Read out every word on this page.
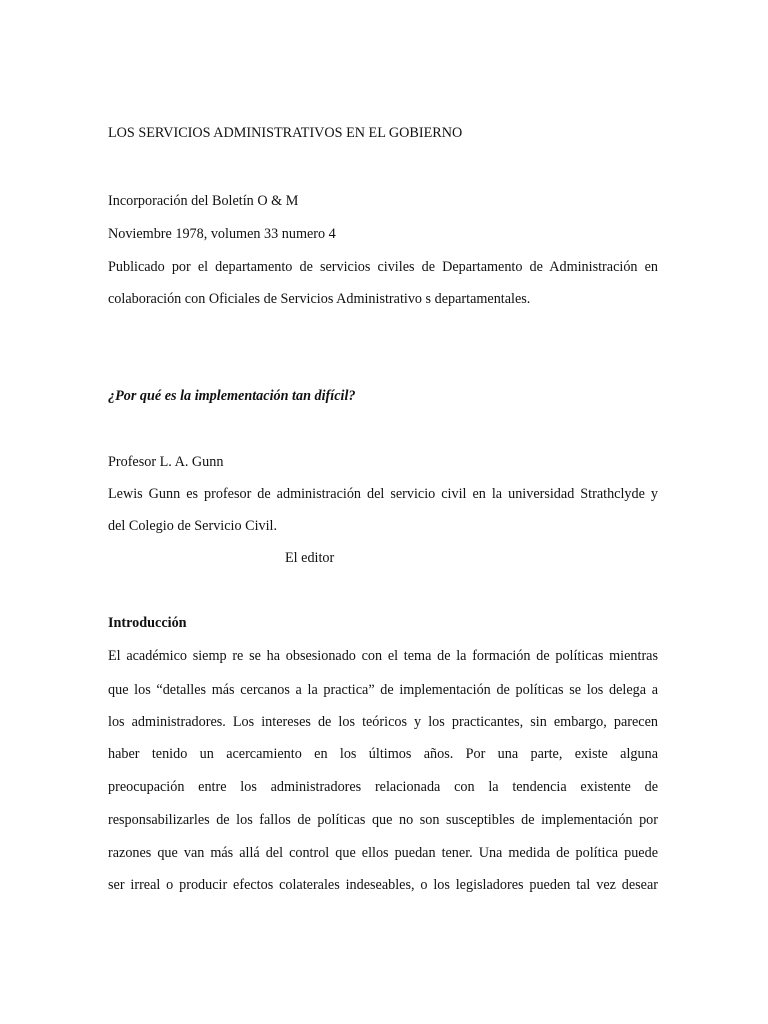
LOS SERVICIOS ADMINISTRATIVOS EN EL GOBIERNO
Incorporación del Boletín O & M
Noviembre 1978, volumen 33 numero 4
Publicado por el departamento de servicios civiles de Departamento de Administración en
colaboración con Oficiales de Servicios Administrativo s departamentales.
¿Por qué es la implementación tan difícil?
Profesor L. A. Gunn
Lewis Gunn es profesor de administración del servicio civil en la universidad Strathclyde y
del Colegio de Servicio Civil.
El editor
Introducción
El académico siemp re se ha obsesionado con el tema de la formación de políticas mientras
que los “detalles más cercanos a la practica” de implementación de políticas se los delega a
los administradores. Los intereses de los teóricos y los practicantes, sin embargo, parecen
haber tenido un acercamiento en los últimos años. Por una parte, existe alguna
preocupación entre los administradores relacionada con la tendencia existente de
responsabilizarles de los fallos de políticas que no son susceptibles de implementación por
razones que van más allá del control que ellos puedan tener. Una medida de política puede
ser irreal o producir efectos colaterales indeseables, o los legisladores pueden tal vez desear
